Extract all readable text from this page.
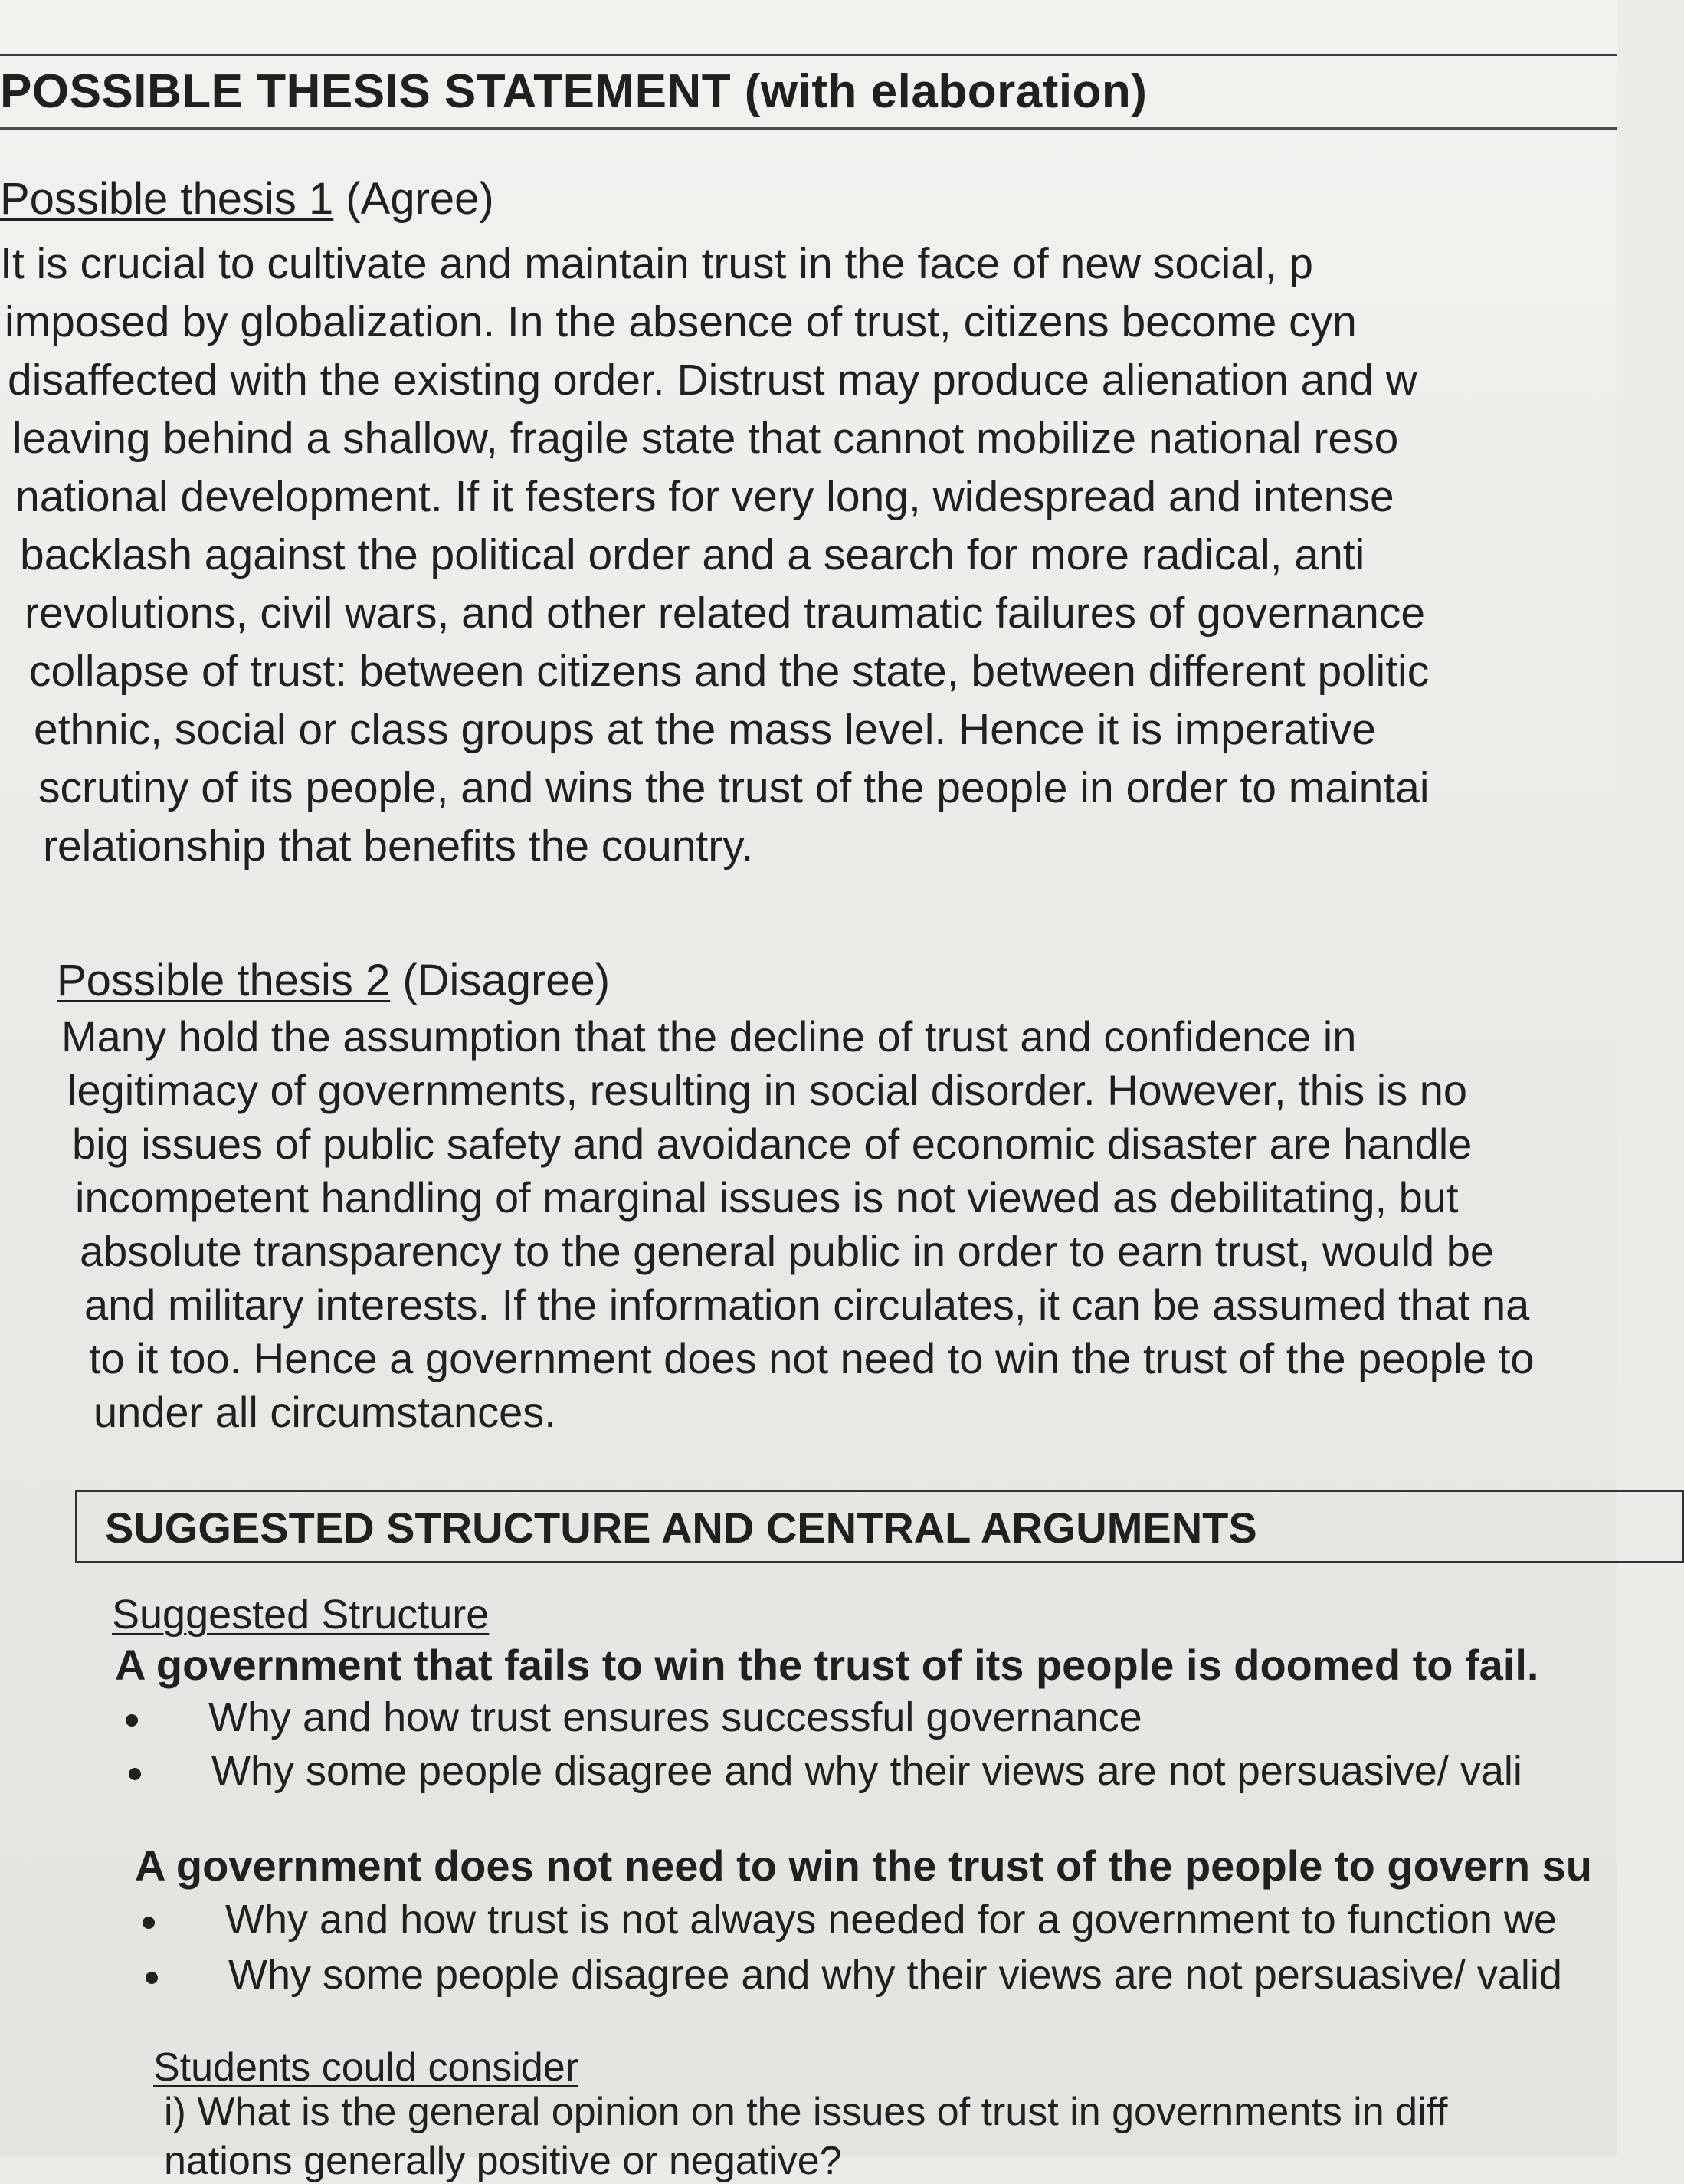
POSSIBLE THESIS STATEMENT (with elaboration)
Possible thesis 1 (Agree)
It is crucial to cultivate and maintain trust in the face of new social, p
imposed by globalization. In the absence of trust, citizens become cyn
disaffected with the existing order. Distrust may produce alienation and w
leaving behind a shallow, fragile state that cannot mobilize national reso
national development. If it festers for very long, widespread and intense
backlash against the political order and a search for more radical, anti
revolutions, civil wars, and other related traumatic failures of governance
collapse of trust: between citizens and the state, between different politic
ethnic, social or class groups at the mass level. Hence it is imperative
scrutiny of its people, and wins the trust of the people in order to maintai
relationship that benefits the country.
Possible thesis 2 (Disagree)
Many hold the assumption that the decline of trust and confidence in
legitimacy of governments, resulting in social disorder. However, this is no
big issues of public safety and avoidance of economic disaster are handle
incompetent handling of marginal issues is not viewed as debilitating, but
absolute transparency to the general public in order to earn trust, would be
and military interests. If the information circulates, it can be assumed that na
to it too. Hence a government does not need to win the trust of the people to
under all circumstances.
SUGGESTED STRUCTURE AND CENTRAL ARGUMENTS
Suggested Structure
A government that fails to win the trust of its people is doomed to fail.
Why and how trust ensures successful governance
Why some people disagree and why their views are not persuasive/ vali
A government does not need to win the trust of the people to govern su
Why and how trust is not always needed for a government to function we
Why some people disagree and why their views are not persuasive/ valid
Students could consider
i) What is the general opinion on the issues of trust in governments in diff
nations generally positive or negative?
